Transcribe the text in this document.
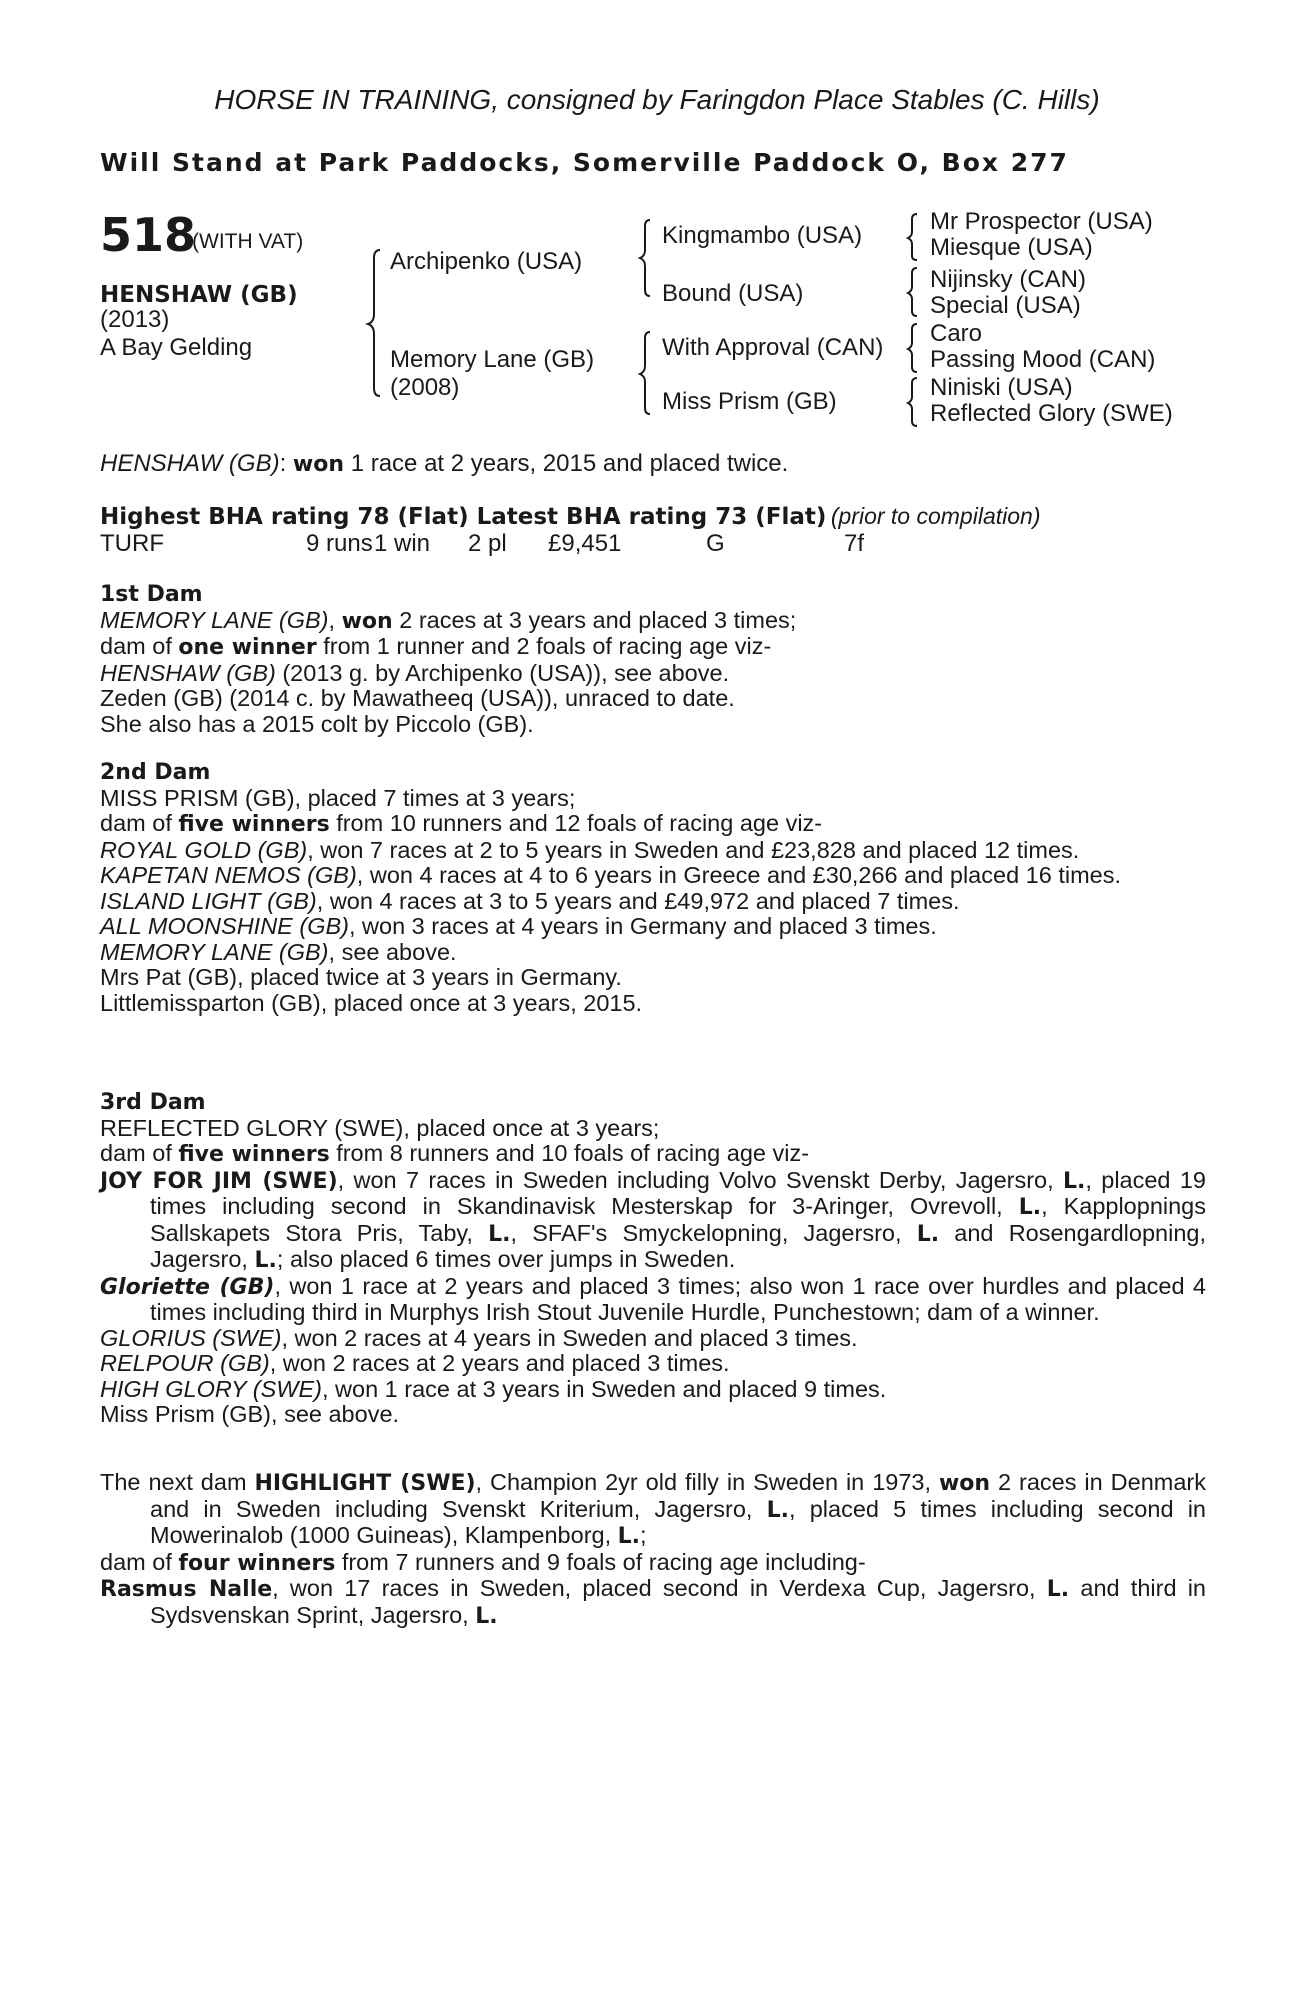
HORSE IN TRAINING, consigned by Faringdon Place Stables (C. Hills)
Will Stand at Park Paddocks, Somerville Paddock O, Box 277
518
(WITH VAT)
HENSHAW (GB)
(2013)
A Bay Gelding
Archipenko (USA)
Memory Lane (GB)
(2008)
Kingmambo (USA)
Bound (USA)
With Approval (CAN)
Miss Prism (GB)
Mr Prospector (USA)
Miesque (USA)
Nijinsky (CAN)
Special (USA)
Caro
Passing Mood (CAN)
Niniski (USA)
Reflected Glory (SWE)
HENSHAW (GB): won 1 race at 2 years, 2015 and placed twice.
Highest BHA rating 78 (Flat) Latest BHA rating 73 (Flat) (prior to compilation)
TURF	9 runs 1 win 2 pl £9,451	G	7f

1st Dam

MEMORY LANE (GB), won 2 races at 3 years and placed 3 times;

dam of one winner from 1 runner and 2 foals of racing age viz-

HENSHAW (GB) (2013 g. by Archipenko (USA)), see above.

Zeden (GB) (2014 c. by Mawatheeq (USA)), unraced to date.

She also has a 2015 colt by Piccolo (GB).

2nd Dam

MISS PRISM (GB), placed 7 times at 3 years;

dam of five winners from 10 runners and 12 foals of racing age viz-

ROYAL GOLD (GB), won 7 races at 2 to 5 years in Sweden and £23,828 and placed 12 times.

KAPETAN NEMOS (GB), won 4 races at 4 to 6 years in Greece and £30,266 and placed 16 times.

ISLAND LIGHT (GB), won 4 races at 3 to 5 years and £49,972 and placed 7 times.

ALL MOONSHINE (GB), won 3 races at 4 years in Germany and placed 3 times.

MEMORY LANE (GB), see above.

Mrs Pat (GB), placed twice at 3 years in Germany.

Littlemissparton (GB), placed once at 3 years, 2015.

3rd Dam

REFLECTED GLORY (SWE), placed once at 3 years;

dam of five winners from 8 runners and 10 foals of racing age viz-

JOY FOR JIM (SWE), won 7 races in Sweden including Volvo Svenskt Derby, Jagersro, L., placed 19 times including second in Skandinavisk Mesterskap for 3-Aringer, Ovrevoll, L., Kapplopnings Sallskapets Stora Pris, Taby, L., SFAF's Smyckelopning, Jagersro, L. and Rosengardlopning, Jagersro, L.; also placed 6 times over jumps in Sweden.

Gloriette (GB), won 1 race at 2 years and placed 3 times; also won 1 race over hurdles and placed 4 times including third in Murphys Irish Stout Juvenile Hurdle, Punchestown; dam of a winner.

GLORIUS (SWE), won 2 races at 4 years in Sweden and placed 3 times.

RELPOUR (GB), won 2 races at 2 years and placed 3 times.

HIGH GLORY (SWE), won 1 race at 3 years in Sweden and placed 9 times.

Miss Prism (GB), see above.

The next dam HIGHLIGHT (SWE), Champion 2yr old filly in Sweden in 1973, won 2 races in Denmark and in Sweden including Svenskt Kriterium, Jagersro, L., placed 5 times including second in Mowerinalob (1000 Guineas), Klampenborg, L.;

dam of four winners from 7 runners and 9 foals of racing age including-

Rasmus Nalle, won 17 races in Sweden, placed second in Verdexa Cup, Jagersro, L. and third in Sydsvenskan Sprint, Jagersro, L.
